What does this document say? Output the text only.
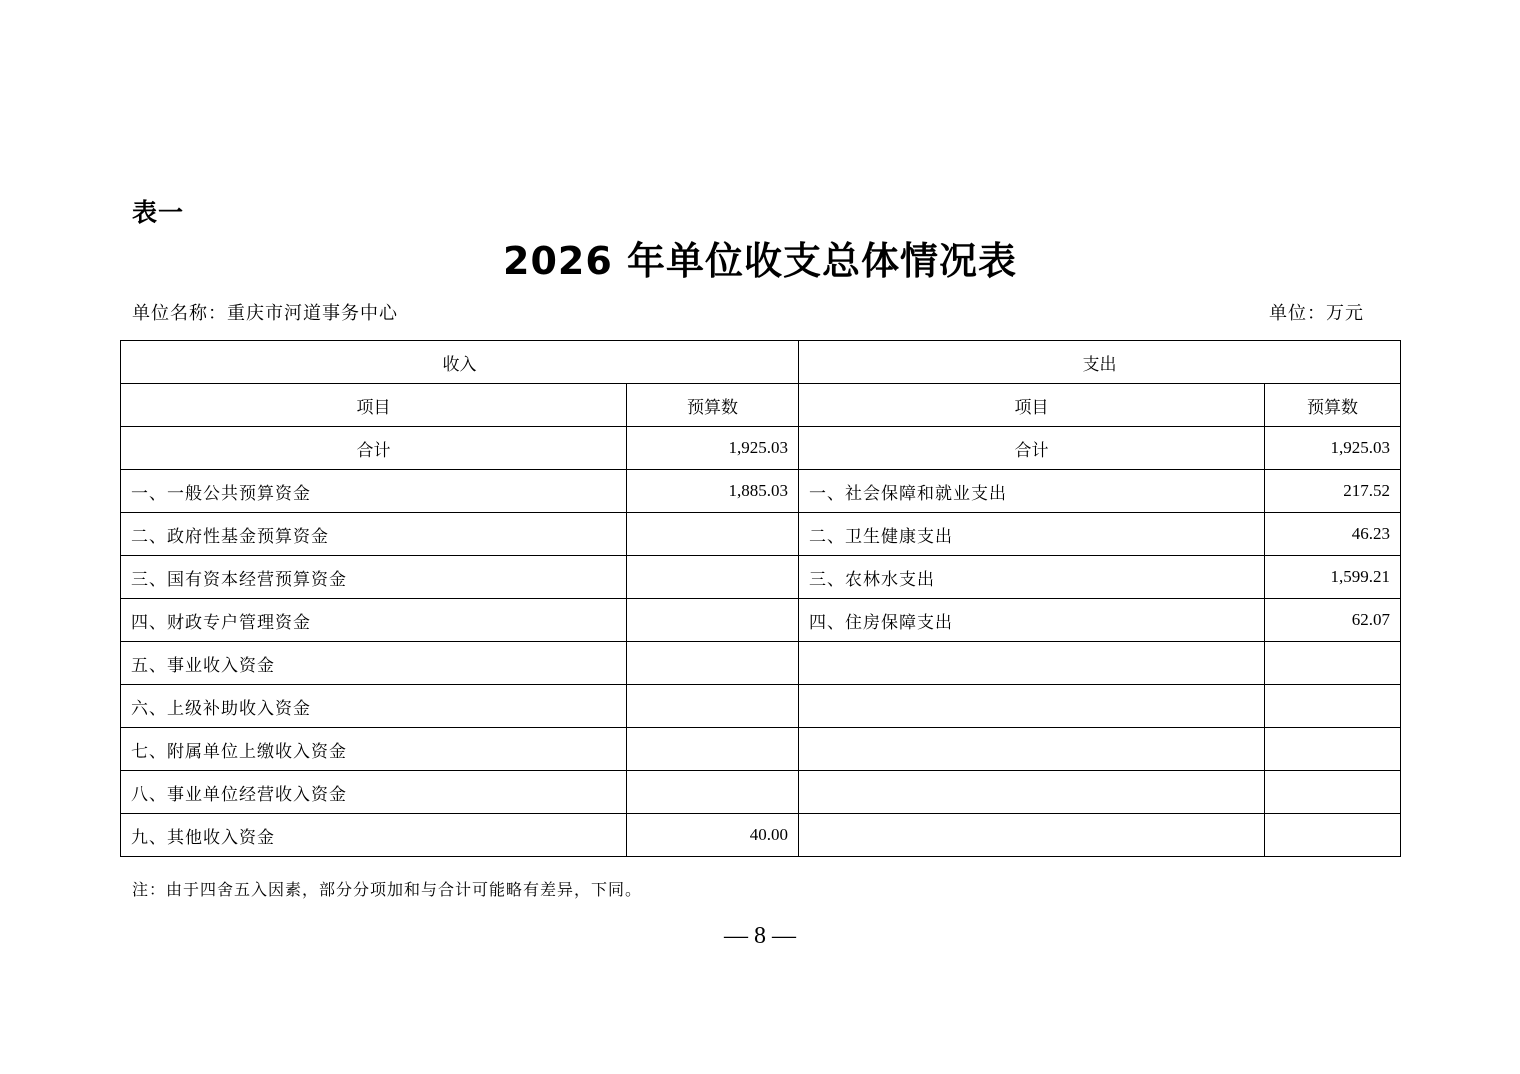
表一
2026 年单位收支总体情况表
单位名称：重庆市河道事务中心	单位：万元
收入		支出	
项目	预算数	项目	预算数
合计	1,925.03	合计	1,925.03
一、一般公共预算资金	1,885.03	一、社会保障和就业支出	217.52
二、政府性基金预算资金		二、卫生健康支出	46.23
三、国有资本经营预算资金		三、农林水支出	1,599.21
四、财政专户管理资金		四、住房保障支出	62.07
五、事业收入资金			
六、上级补助收入资金			
七、附属单位上缴收入资金			
八、事业单位经营收入资金			
九、其他收入资金	40.00		
注：由于四舍五入因素，部分分项加和与合计可能略有差异，下同。
— 8 —
